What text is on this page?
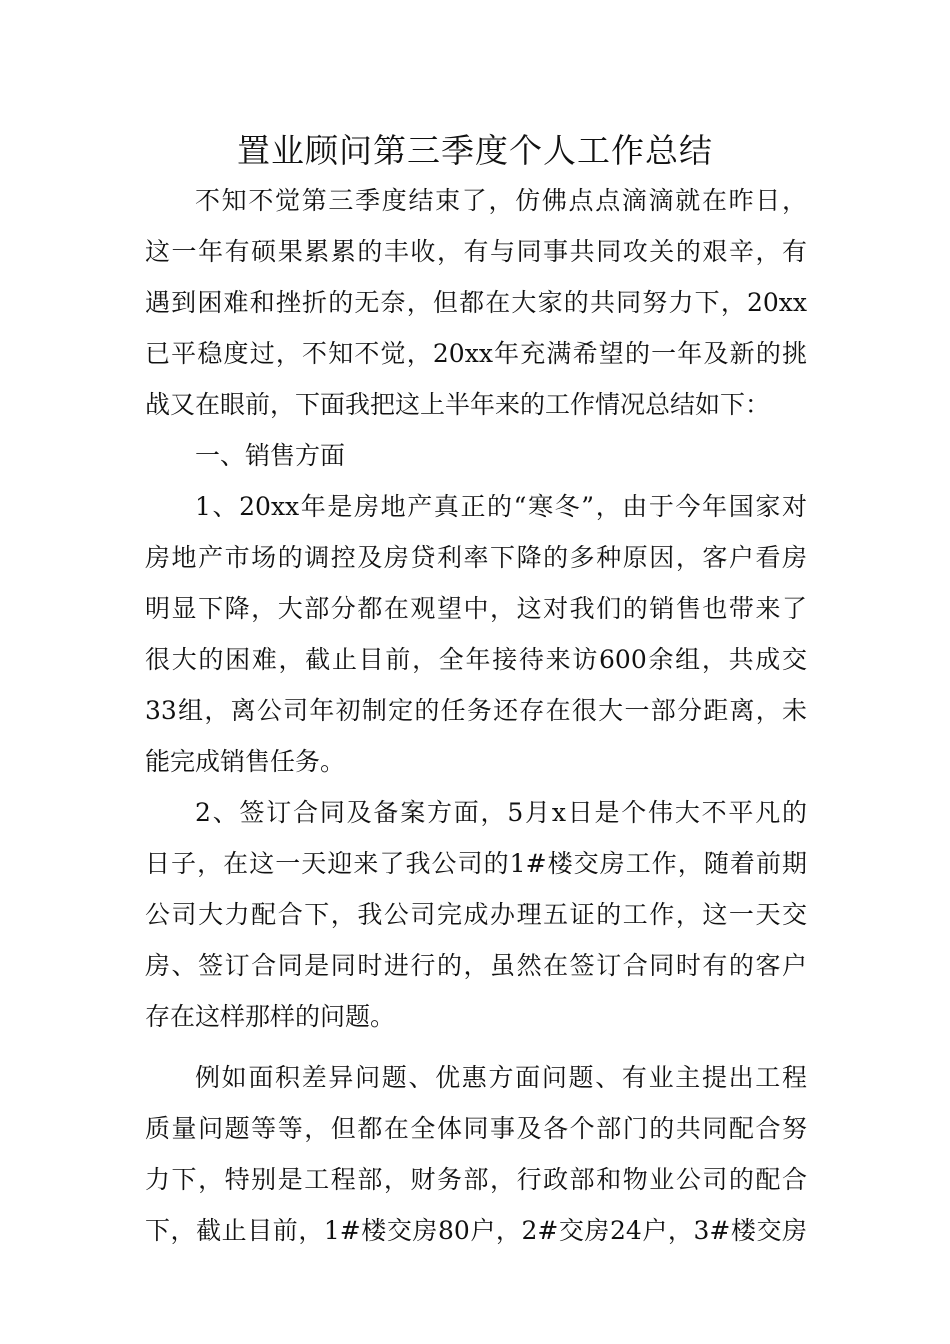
置业顾问第三季度个人工作总结
不知不觉第三季度结束了，仿佛点点滴滴就在昨日，
这一年有硕果累累的丰收，有与同事共同攻关的艰辛，有
遇到困难和挫折的无奈，但都在大家的共同努力下，20xx
已平稳度过，不知不觉，20xx年充满希望的一年及新的挑
战又在眼前，下面我把这上半年来的工作情况总结如下：
一、销售方面
1、20xx年是房地产真正的“寒冬”，由于今年国家对
房地产市场的调控及房贷利率下降的多种原因，客户看房
明显下降，大部分都在观望中，这对我们的销售也带来了
很大的困难，截止目前，全年接待来访600余组，共成交
33组，离公司年初制定的任务还存在很大一部分距离，未
能完成销售任务。
2、签订合同及备案方面，5月x日是个伟大不平凡的
日子，在这一天迎来了我公司的1#楼交房工作，随着前期
公司大力配合下，我公司完成办理五证的工作，这一天交
房、签订合同是同时进行的，虽然在签订合同时有的客户
存在这样那样的问题。
例如面积差异问题、优惠方面问题、有业主提出工程
质量问题等等，但都在全体同事及各个部门的共同配合努
力下，特别是工程部，财务部，行政部和物业公司的配合
下，截止目前，1#楼交房80户，2#交房24户，3#楼交房
